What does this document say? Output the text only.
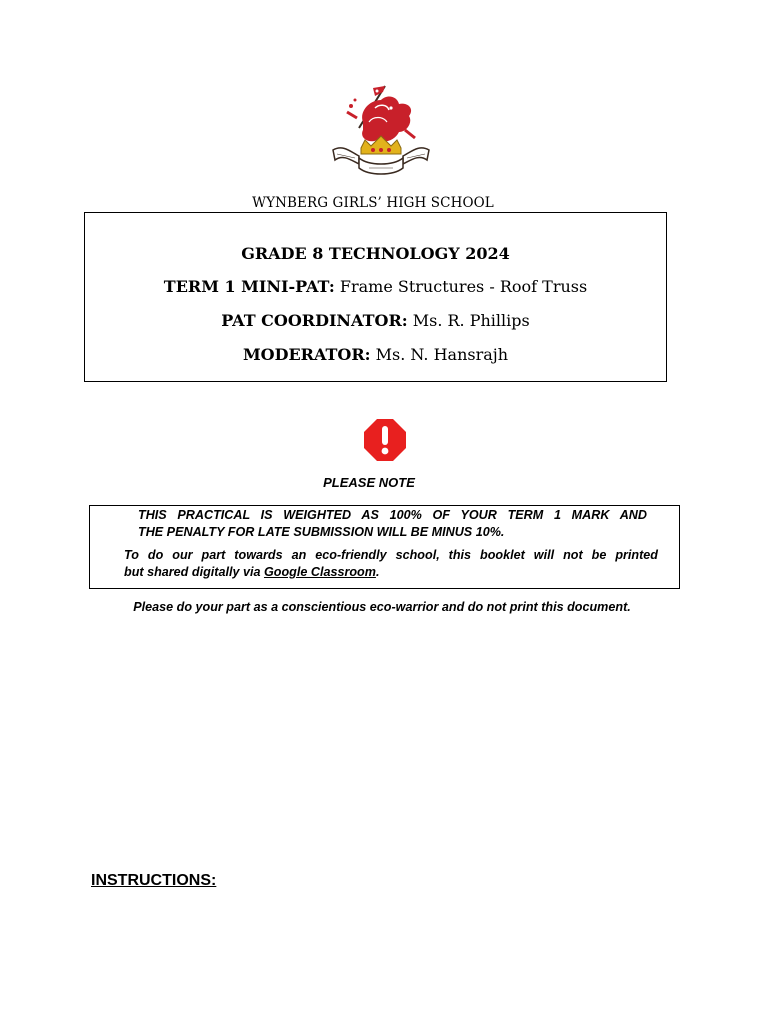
WYNBERG GIRLS’ HIGH SCHOOL
GRADE 8 TECHNOLOGY 2024
TERM 1 MINI-PAT: Frame Structures - Roof Truss
PAT COORDINATOR: Ms. R. Phillips
MODERATOR: Ms. N. Hansrajh
PLEASE NOTE
THIS PRACTICAL IS WEIGHTED AS 100% OF YOUR TERM 1 MARK AND
THE PENALTY FOR LATE SUBMISSION WILL BE MINUS 10%.
To do our part towards an eco-friendly school, this booklet will not be printed
but shared digitally via Google Classroom.
Please do your part as a conscientious eco-warrior and do not print this document.
INSTRUCTIONS:
